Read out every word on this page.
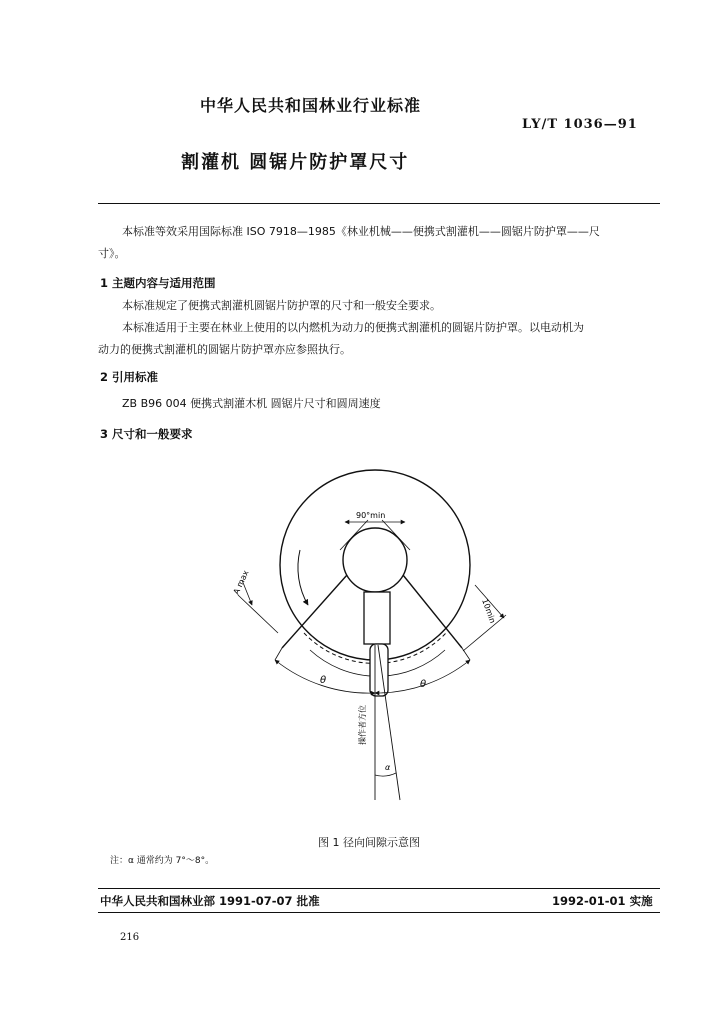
中华人民共和国林业行业标准
LY/T 1036—91
割灌机 圆锯片防护罩尺寸
本标准等效采用国际标准 ISO 7918—1985《林业机械——便携式割灌机——圆锯片防护罩——尺
寸》。
1 主题内容与适用范围
本标准规定了便携式割灌机圆锯片防护罩的尺寸和一般安全要求。
本标准适用于主要在林业上使用的以内燃机为动力的便携式割灌机的圆锯片防护罩。以电动机为
动力的便携式割灌机的圆锯片防护罩亦应参照执行。
2 引用标准
ZB B96 004 便携式割灌木机 圆锯片尺寸和圆周速度
3 尺寸和一般要求
90°min
A max
10min
θ	θ
α
操作者方位
图 1 径向间隙示意图
注：α 通常约为 7°～8°。
中华人民共和国林业部 1991-07-07 批准	1992-01-01 实施
216
